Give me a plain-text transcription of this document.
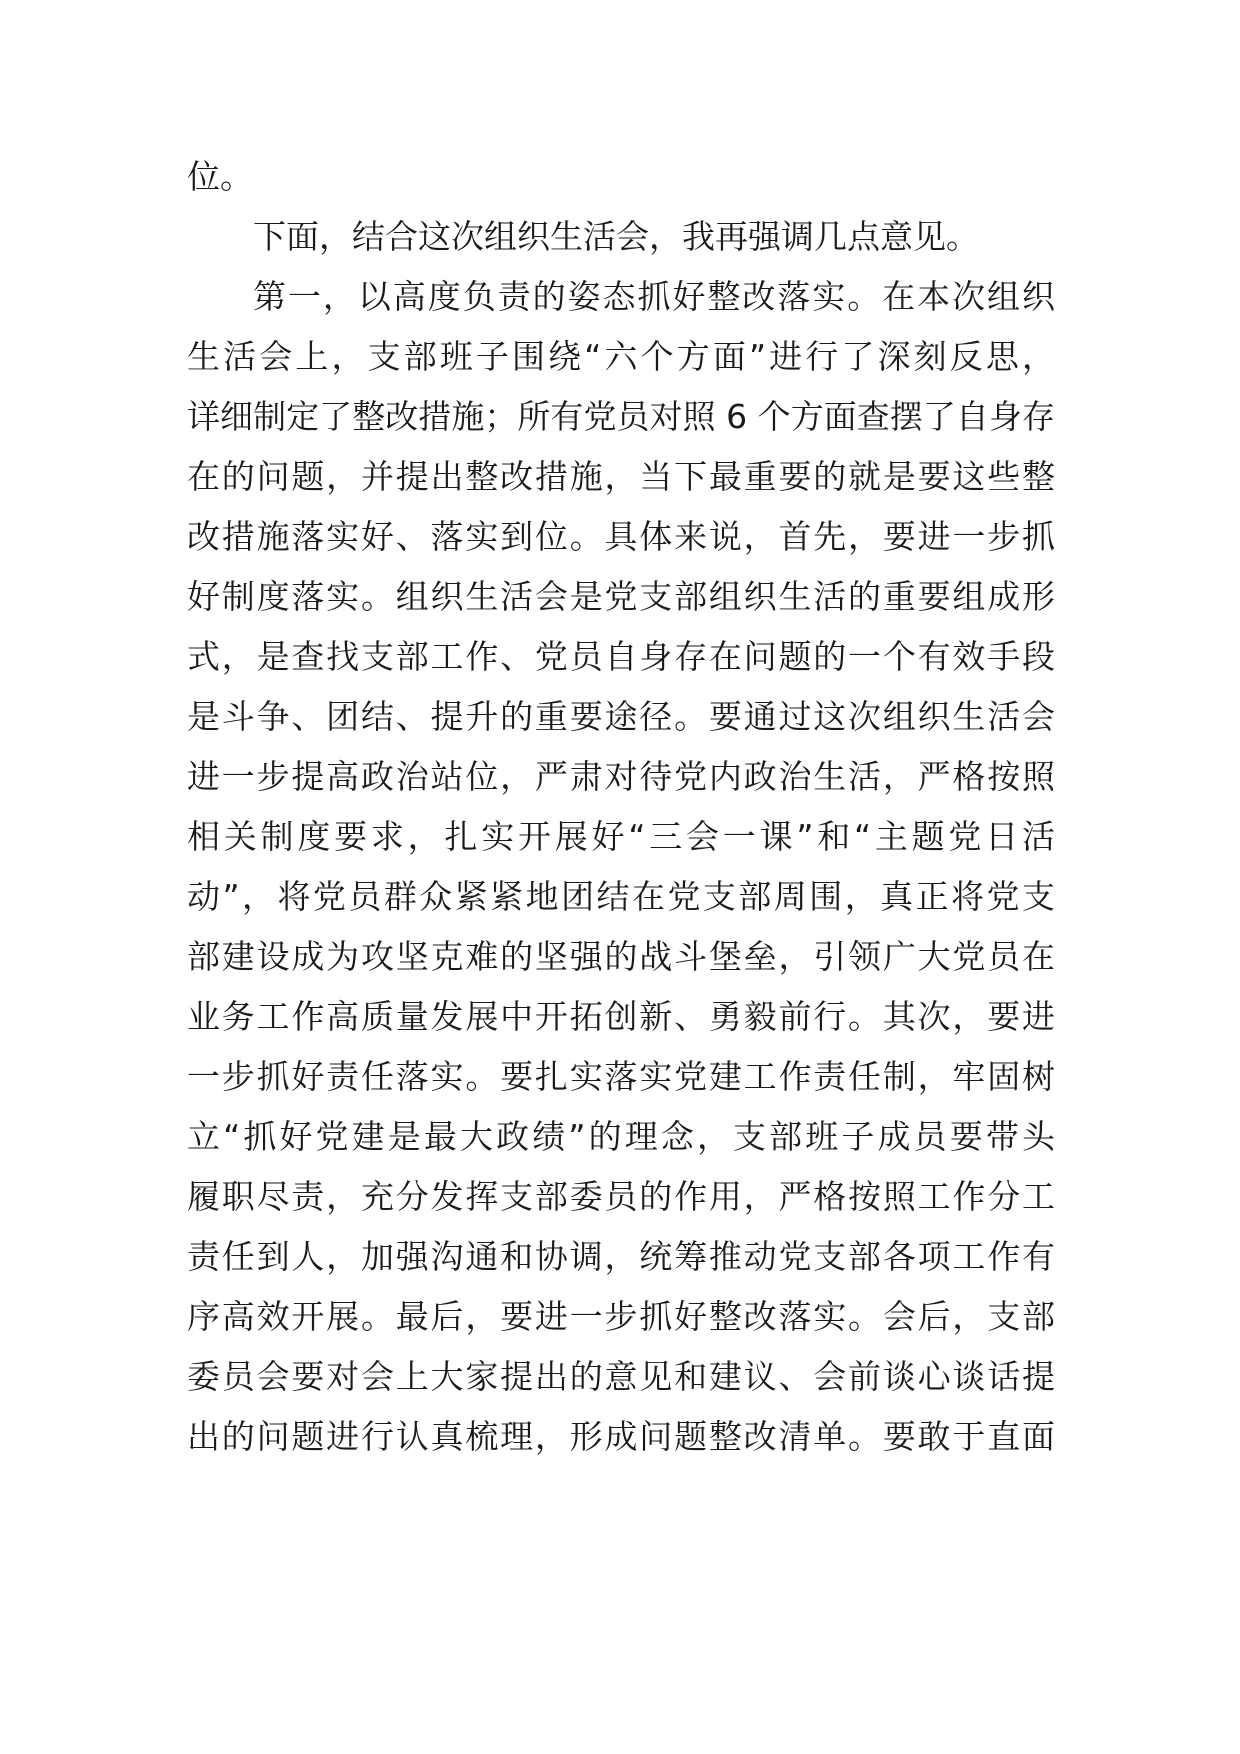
位。
下面，结合这次组织生活会，我再强调几点意见。
第一，以高度负责的姿态抓好整改落实。在本次组织
生活会上，支部班子围绕“六个方面”进行了深刻反思，
详细制定了整改措施；所有党员对照 6 个方面查摆了自身存
在的问题，并提出整改措施，当下最重要的就是要这些整
改措施落实好、落实到位。具体来说，首先，要进一步抓
好制度落实。组织生活会是党支部组织生活的重要组成形
式，是查找支部工作、党员自身存在问题的一个有效手段
是斗争、团结、提升的重要途径。要通过这次组织生活会
进一步提高政治站位，严肃对待党内政治生活，严格按照
相关制度要求，扎实开展好“三会一课”和“主题党日活
动”，将党员群众紧紧地团结在党支部周围，真正将党支
部建设成为攻坚克难的坚强的战斗堡垒，引领广大党员在
业务工作高质量发展中开拓创新、勇毅前行。其次，要进
一步抓好责任落实。要扎实落实党建工作责任制，牢固树
立“抓好党建是最大政绩”的理念，支部班子成员要带头
履职尽责，充分发挥支部委员的作用，严格按照工作分工
责任到人，加强沟通和协调，统筹推动党支部各项工作有
序高效开展。最后，要进一步抓好整改落实。会后，支部
委员会要对会上大家提出的意见和建议、会前谈心谈话提
出的问题进行认真梳理，形成问题整改清单。要敢于直面
